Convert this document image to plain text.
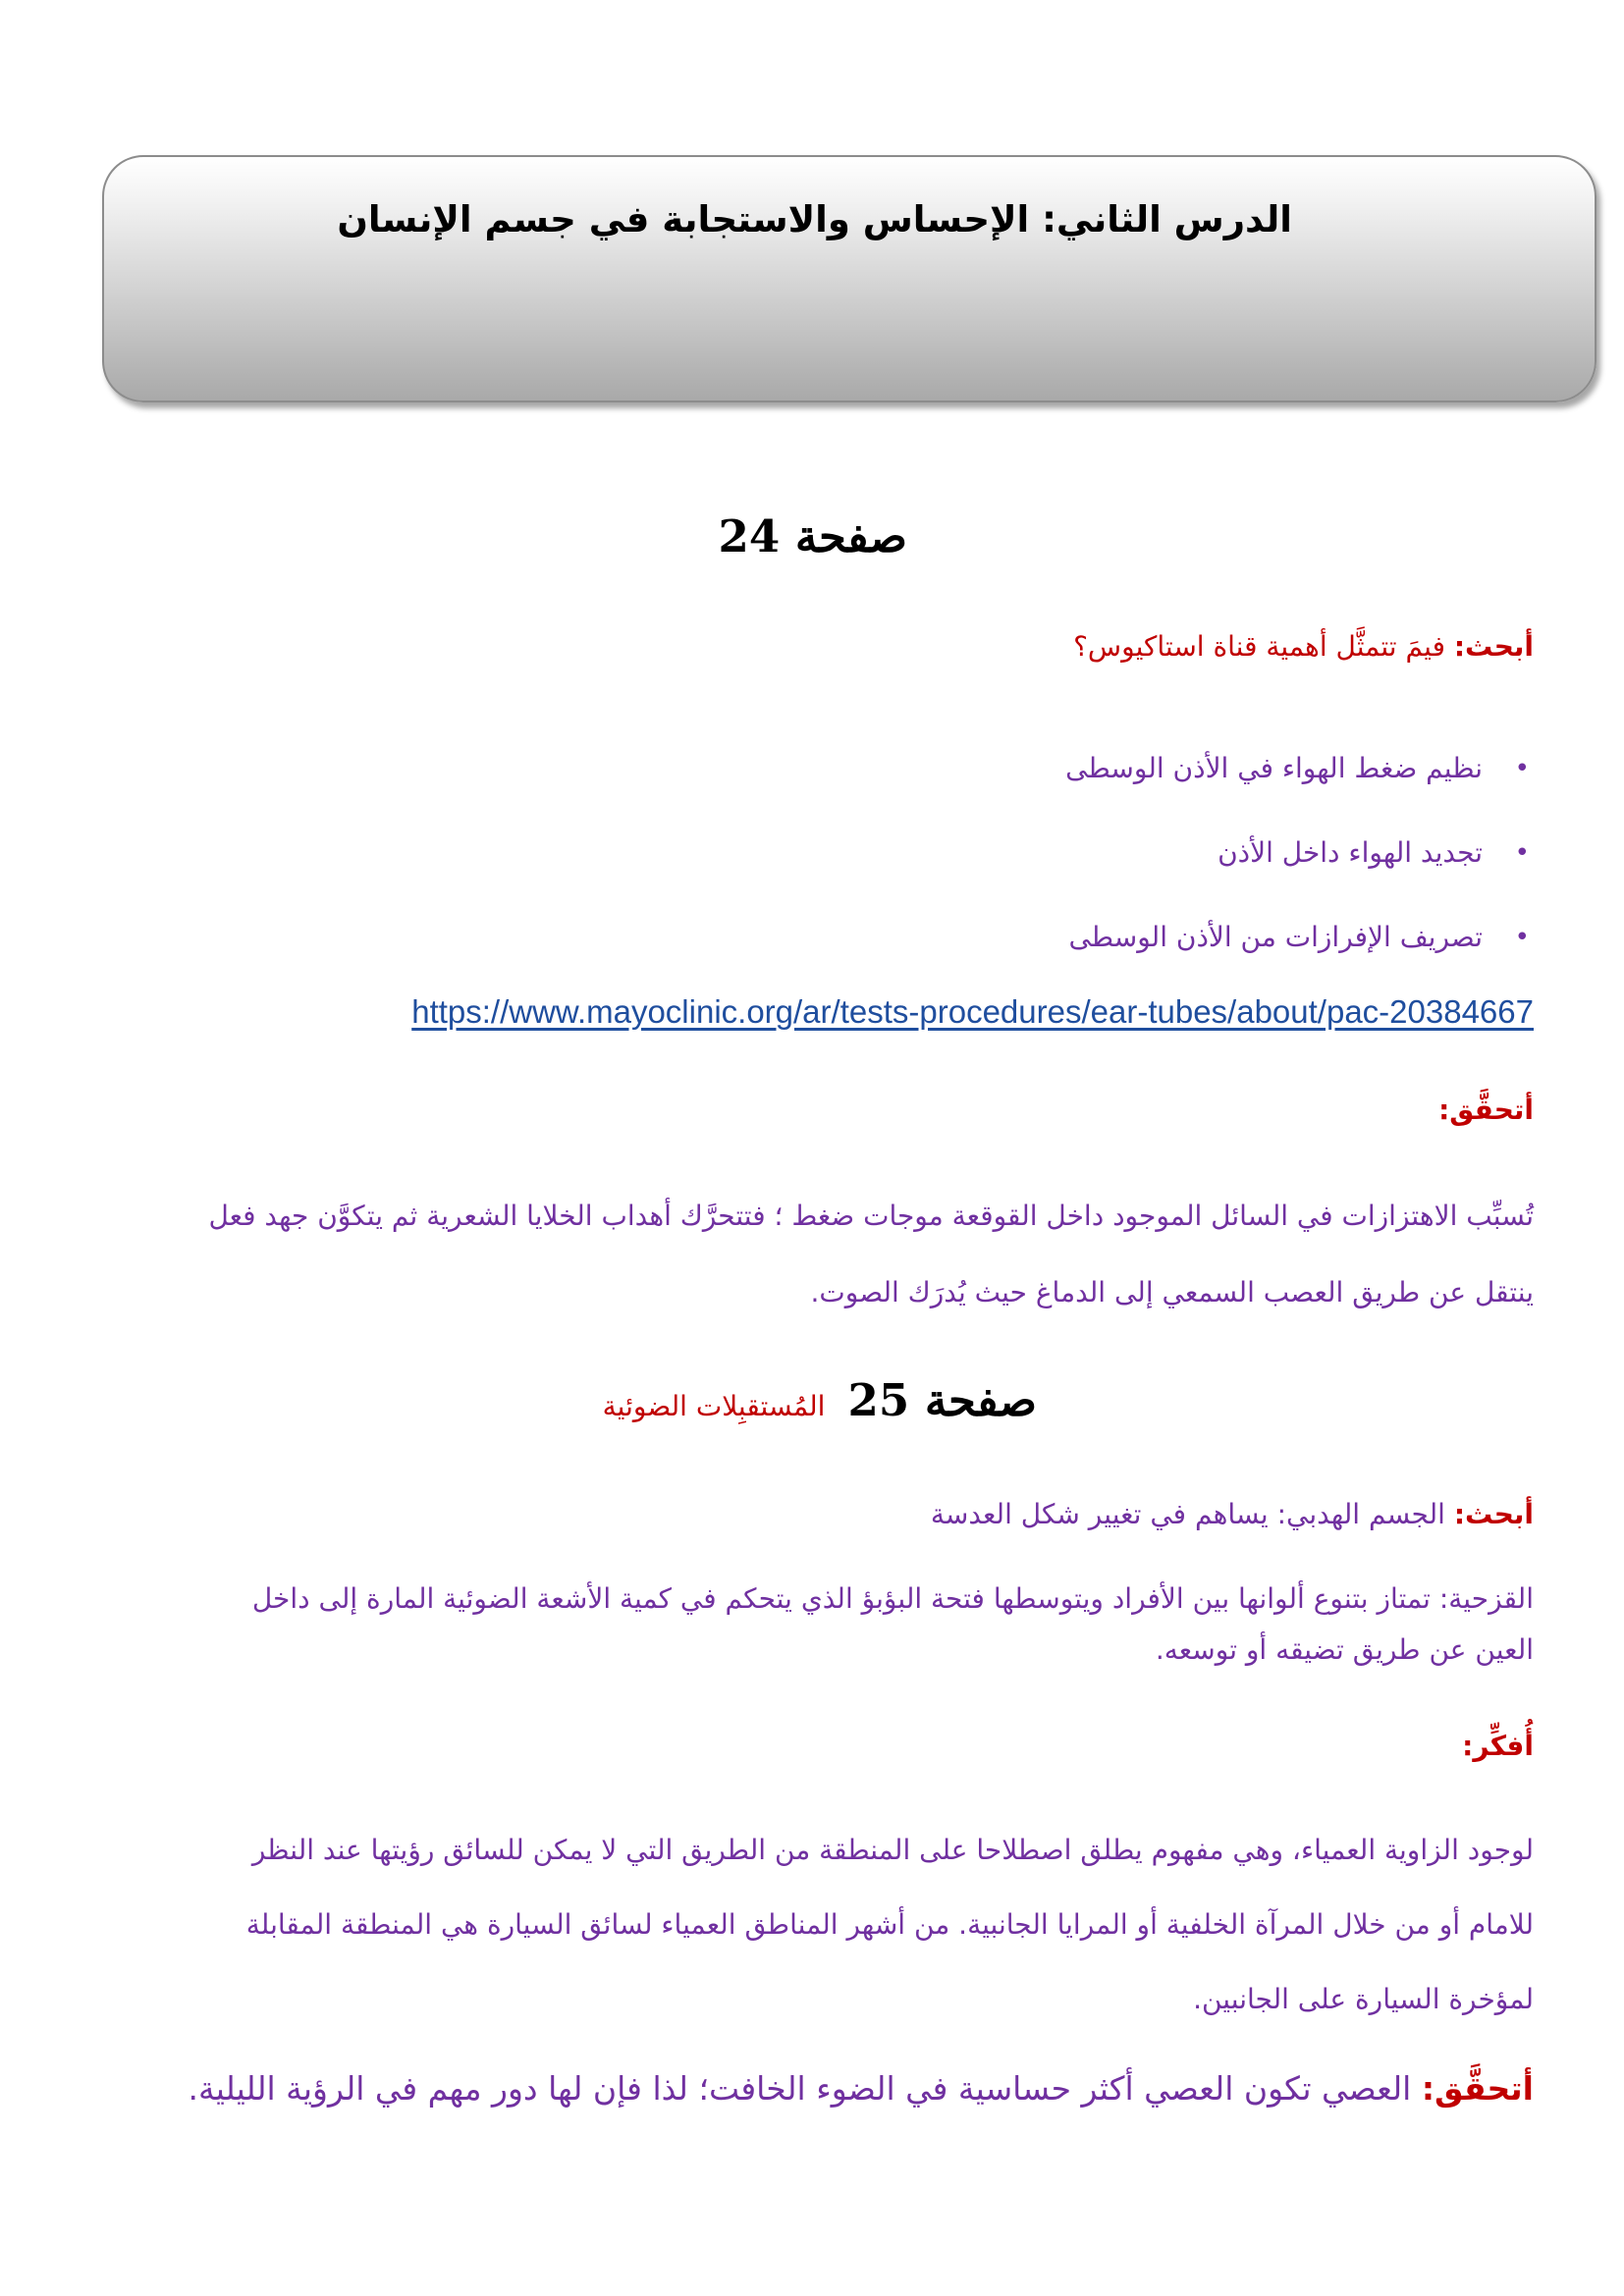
الدرس الثاني: الإحساس والاستجابة في جسم الإنسان
صفحة 24
أبحث: فيمَ تتمثَّل أهمية قناة استاكيوس؟
•
نظيم ضغط الهواء في الأذن الوسطى
•
تجديد الهواء داخل الأذن
•
تصريف الإفرازات من الأذن الوسطى
https://www.mayoclinic.org/ar/tests-procedures/ear-tubes/about/pac-20384667
أتحقَّق:
تُسبِّب الاهتزازات في السائل الموجود داخل القوقعة موجات ضغط ؛ فتتحرَّك أهداب الخلايا الشعرية ثم يتكوَّن جهد فعل
ينتقل عن طريق العصب السمعي إلى الدماغ حيث يُدرَك الصوت.
صفحة 25 المُستقبِلات الضوئية
أبحث: الجسم الهدبي: يساهم في تغيير شكل العدسة
القزحية: تمتاز بتنوع ألوانها بين الأفراد ويتوسطها فتحة البؤبؤ الذي يتحكم في كمية الأشعة الضوئية المارة إلى داخل
العين عن طريق تضيقه أو توسعه.
أُفكِّر:
لوجود الزاوية العمياء، وهي مفهوم يطلق اصطلاحا على المنطقة من الطريق التي لا يمكن للسائق رؤيتها عند النظر
للامام أو من خلال المرآة الخلفية أو المرايا الجانبية. من أشهر المناطق العمياء لسائق السيارة هي المنطقة المقابلة
لمؤخرة السيارة على الجانبين.
أتحقَّق: العصي تكون العصي أكثر حساسية في الضوء الخافت؛ لذا فإن لها دور مهم في الرؤية الليلية.
